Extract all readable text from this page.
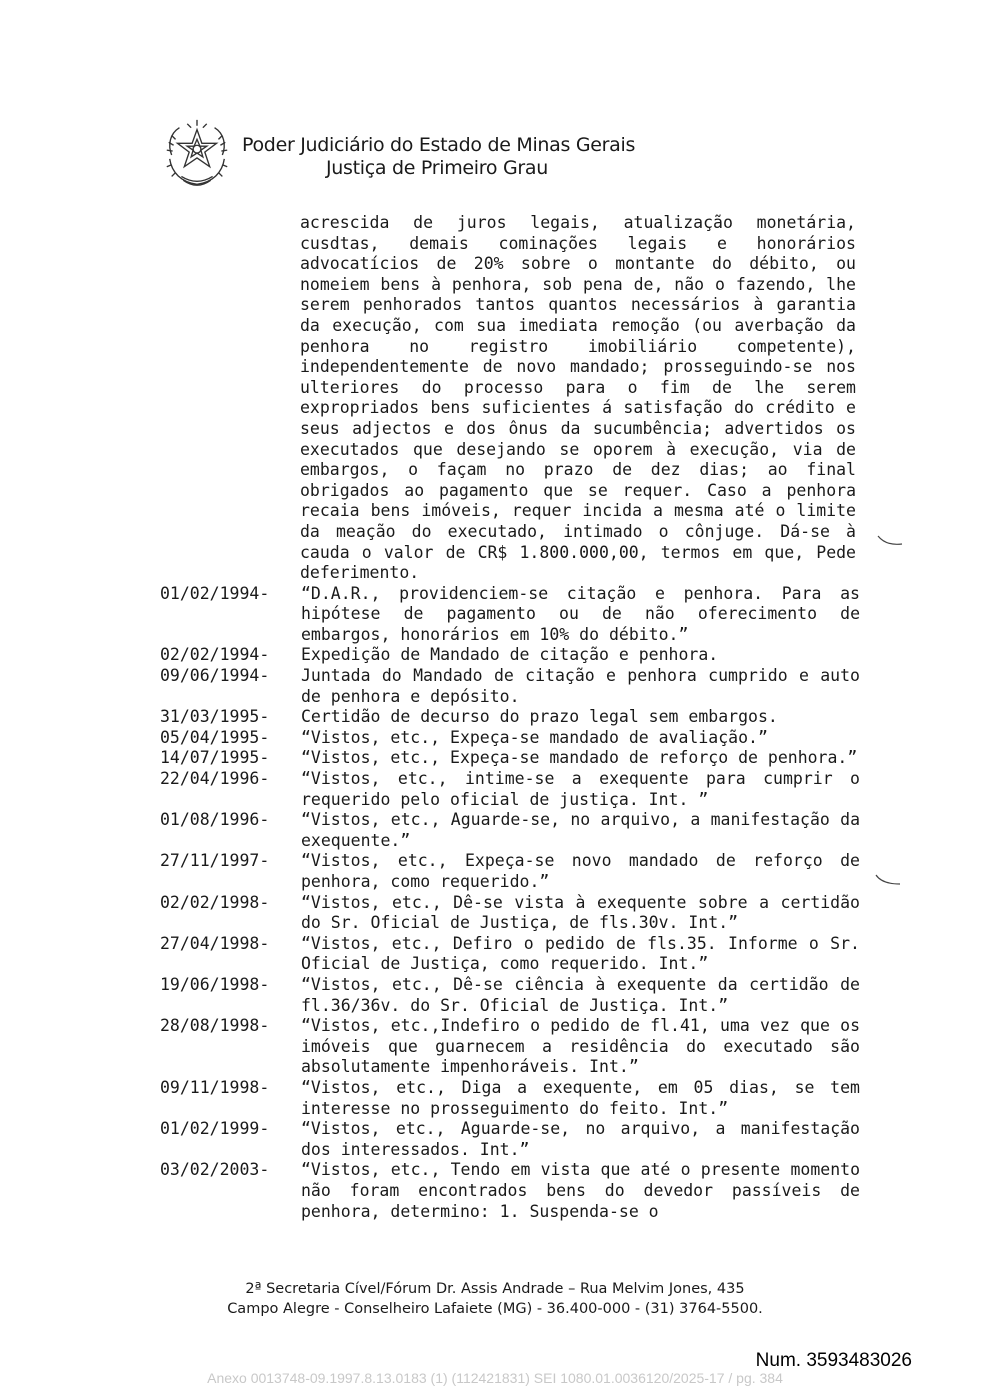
Poder Judiciário do Estado de Minas Gerais
Justiça de Primeiro Grau
acrescida de juros legais, atualização monetária, cusdtas, demais cominações legais e honorários advocatícios de 20% sobre o montante do débito, ou nomeiem bens à penhora, sob pena de, não o fazendo, lhe serem penhorados tantos quantos necessários à garantia da execução, com sua imediata remoção (ou averbação da penhora no registro imobiliário competente), independentemente de novo mandado; prosseguindo-se nos ulteriores do processo para o fim de lhe serem expropriados bens suficientes á satisfação do crédito e seus adjectos e dos ônus da sucumbência; advertidos os executados que desejando se oporem à execução, via de embargos, o façam no prazo de dez dias; ao final obrigados ao pagamento que se requer. Caso a penhora recaia bens imóveis, requer incida a mesma até o limite da meação do executado, intimado o cônjuge. Dá-se à cauda o valor de CR$ 1.800.000,00, termos em que, Pede deferimento.
01/02/1994-	“D.A.R., providenciem-se citação e penhora. Para as hipótese de pagamento ou de não oferecimento de embargos, honorários em 10% do débito.”
02/02/1994-	Expedição de Mandado de citação e penhora.
09/06/1994-	Juntada do Mandado de citação e penhora cumprido e auto de penhora e depósito.
31/03/1995-	Certidão de decurso do prazo legal sem embargos.
05/04/1995-	“Vistos, etc., Expeça-se mandado de avaliação.”
14/07/1995-	“Vistos, etc., Expeça-se mandado de reforço de penhora.”
22/04/1996-	“Vistos, etc., intime-se a exequente para cumprir o requerido pelo oficial de justiça. Int. ”
01/08/1996-	“Vistos, etc., Aguarde-se, no arquivo, a manifestação da exequente.”
27/11/1997-	“Vistos, etc., Expeça-se novo mandado de reforço de penhora, como requerido.”
02/02/1998-	“Vistos, etc., Dê-se vista à exequente sobre a certidão do Sr. Oficial de Justiça, de fls.30v. Int.”
27/04/1998-	“Vistos, etc., Defiro o pedido de fls.35. Informe o Sr. Oficial de Justiça, como requerido. Int.”
19/06/1998-	“Vistos, etc., Dê-se ciência à exequente da certidão de fl.36/36v. do Sr. Oficial de Justiça. Int.”
28/08/1998-	“Vistos, etc.,Indefiro o pedido de fl.41, uma vez que os imóveis que guarnecem a residência do executado são absolutamente impenhoráveis. Int.”
09/11/1998-	“Vistos, etc., Diga a exequente, em 05 dias, se tem interesse no prosseguimento do feito. Int.”
01/02/1999-	“Vistos, etc., Aguarde-se, no arquivo, a manifestação dos interessados. Int.”
03/02/2003-	“Vistos, etc., Tendo em vista que até o presente momento não foram encontrados bens do devedor passíveis de penhora, determino: 1. Suspenda-se o
2ª Secretaria Cível/Fórum Dr. Assis Andrade – Rua Melvim Jones, 435
Campo Alegre - Conselheiro Lafaiete (MG) - 36.400-000 - (31) 3764-5500.
Num. 3593483026
Anexo 0013748-09.1997.8.13.0183 (1) (112421831) SEI 1080.01.0036120/2025-17 / pg. 384
